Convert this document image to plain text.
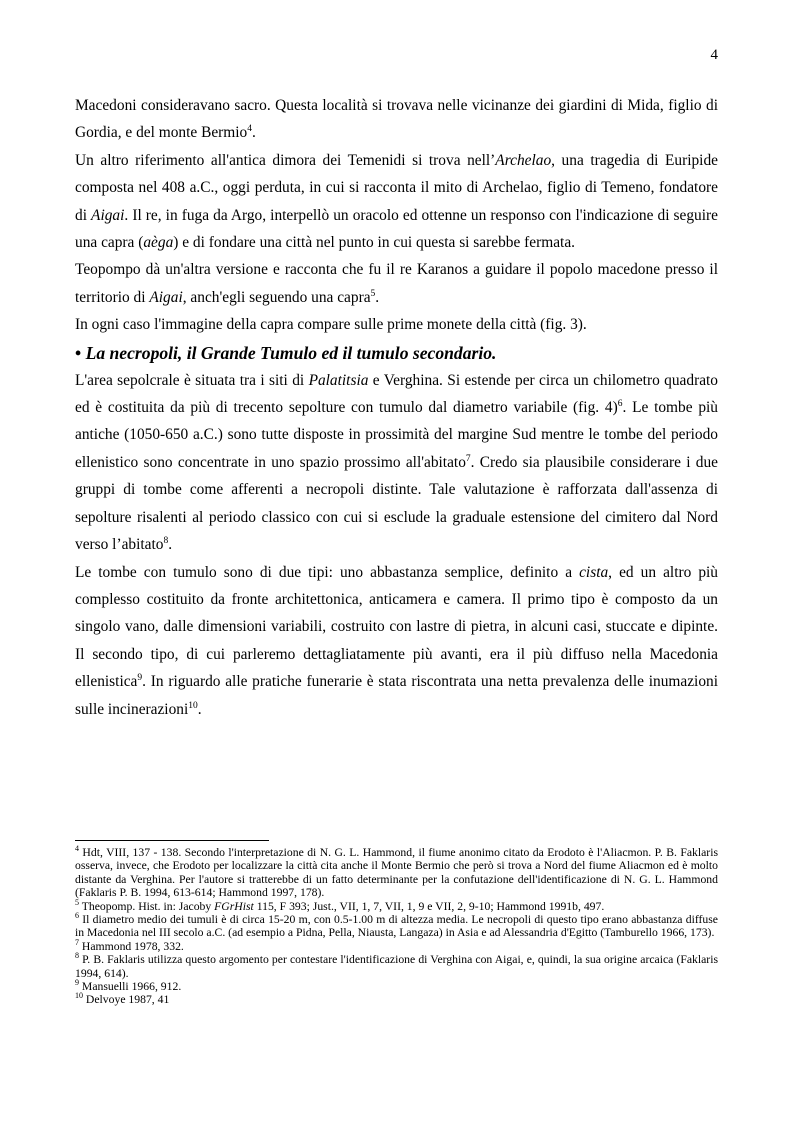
4

Macedoni consideravano sacro. Questa località si trovava nelle vicinanze dei giardini di Mida, figlio di Gordia, e del monte Bermio$^4$.

Un altro riferimento all'antica dimora dei Temenidi si trova nell’Archelao, una tragedia di Euripide composta nel 408 a.C., oggi perduta, in cui si racconta il mito di Archelao, figlio di Temeno, fondatore di Aigai. Il re, in fuga da Argo, interpellò un oracolo ed ottenne un responso con l'indicazione di seguire una capra (aèga) e di fondare una città nel punto in cui questa si sarebbe fermata.

Teopompo dà un'altra versione e racconta che fu il re Karanos a guidare il popolo macedone presso il territorio di Aigai, anch'egli seguendo una capra$^5$.

In ogni caso l'immagine della capra compare sulle prime monete della città (fig. 3).

• La necropoli, il Grande Tumulo ed il tumulo secondario.

L'area sepolcrale è situata tra i siti di Palatitsia e Verghina. Si estende per circa un chilometro quadrato ed è costituita da più di trecento sepolture con tumulo dal diametro variabile (fig. 4)$^6$. Le tombe più antiche (1050-650 a.C.) sono tutte disposte in prossimità del margine Sud mentre le tombe del periodo ellenistico sono concentrate in uno spazio prossimo all'abitato$^7$. Credo sia plausibile considerare i due gruppi di tombe come afferenti a necropoli distinte. Tale valutazione è rafforzata dall'assenza di sepolture risalenti al periodo classico con cui si esclude la graduale estensione del cimitero dal Nord verso l’abitato$^8$.

Le tombe con tumulo sono di due tipi: uno abbastanza semplice, definito a cista, ed un altro più complesso costituito da fronte architettonica, anticamera e camera. Il primo tipo è composto da un singolo vano, dalle dimensioni variabili, costruito con lastre di pietra, in alcuni casi, stuccate e dipinte. Il secondo tipo, di cui parleremo dettagliatamente più avanti, era il più diffuso nella Macedonia ellenistica$^9$. In riguardo alle pratiche funerarie è stata riscontrata una netta prevalenza delle inumazioni sulle incinerazioni$^{10}$.

$^4$ Hdt, VIII, 137 - 138. Secondo l'interpretazione di N. G. L. Hammond, il fiume anonimo citato da Erodoto è l'Aliacmon. P. B. Faklaris osserva, invece, che Erodoto per localizzare la città cita anche il Monte Bermio che però si trova a Nord del fiume Aliacmon ed è molto distante da Verghina. Per l'autore si tratterebbe di un fatto determinante per la confutazione dell'identificazione di N. G. L. Hammond (Faklaris P. B. 1994, 613-614; Hammond 1997, 178).

$^5$ Theopomp. Hist. in: Jacoby FGrHist 115, F 393; Just., VII, 1, 7, VII, 1, 9 e VII, 2, 9-10; Hammond 1991b, 497.

$^6$ Il diametro medio dei tumuli è di circa 15-20 m, con 0.5-1.00 m di altezza media. Le necropoli di questo tipo erano abbastanza diffuse in Macedonia nel III secolo a.C. (ad esempio a Pidna, Pella, Niausta, Langaza) in Asia e ad Alessandria d'Egitto (Tamburello 1966, 173).

$^7$ Hammond 1978, 332.

$^8$ P. B. Faklaris utilizza questo argomento per contestare l'identificazione di Verghina con Aigai, e, quindi, la sua origine arcaica (Faklaris 1994, 614).

$^9$ Mansuelli 1966, 912.

$^{10}$ Delvoye 1987, 41
